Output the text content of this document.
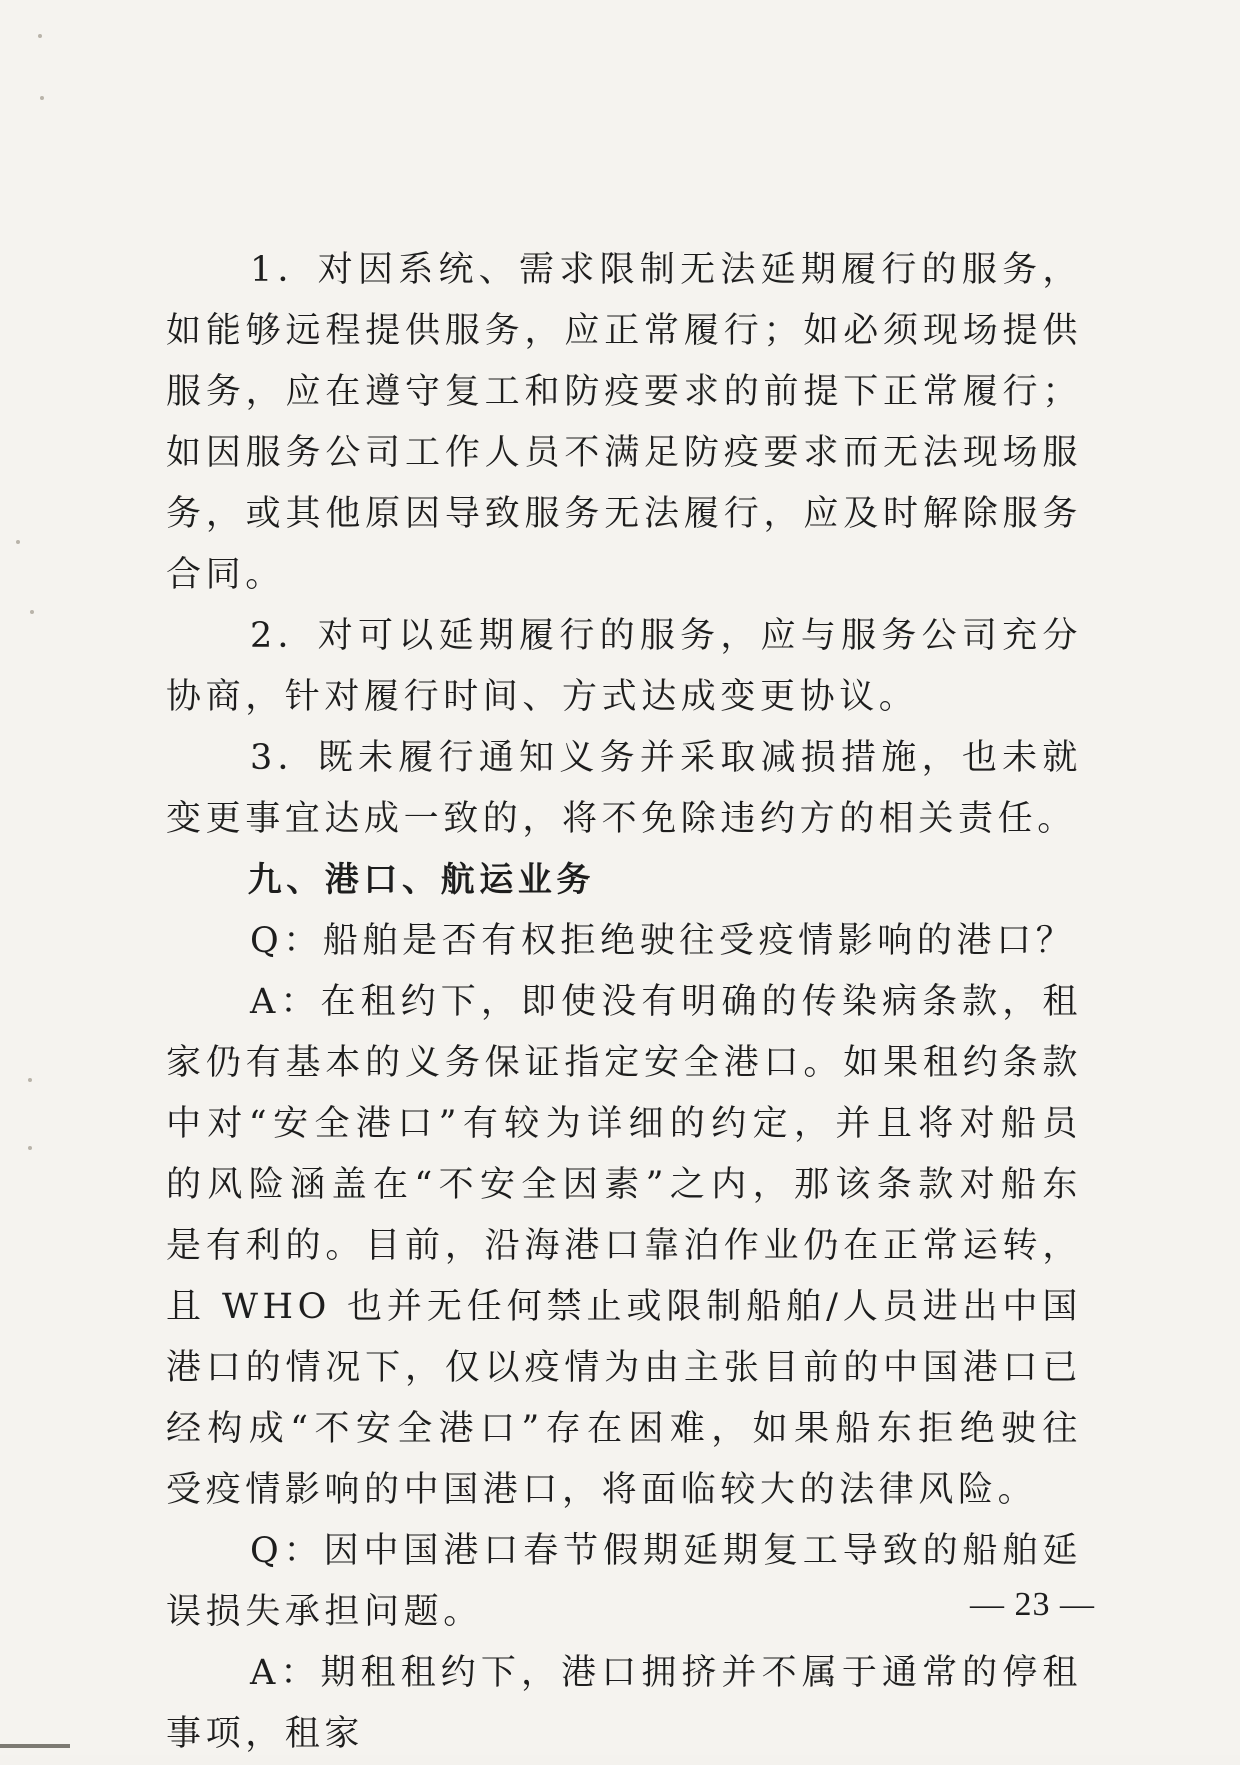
1．对因系统、需求限制无法延期履行的服务，如能够远程提供服务，应正常履行；如必须现场提供服务，应在遵守复工和防疫要求的前提下正常履行；如因服务公司工作人员不满足防疫要求而无法现场服务，或其他原因导致服务无法履行，应及时解除服务合同。

2．对可以延期履行的服务，应与服务公司充分协商，针对履行时间、方式达成变更协议。

3．既未履行通知义务并采取减损措施，也未就变更事宜达成一致的，将不免除违约方的相关责任。

九、港口、航运业务

Q：船舶是否有权拒绝驶往受疫情影响的港口？

A：在租约下，即使没有明确的传染病条款，租家仍有基本的义务保证指定安全港口。如果租约条款中对“安全港口”有较为详细的约定，并且将对船员的风险涵盖在“不安全因素”之内，那该条款对船东是有利的。目前，沿海港口靠泊作业仍在正常运转，且 WHO 也并无任何禁止或限制船舶/人员进出中国港口的情况下，仅以疫情为由主张目前的中国港口已经构成“不安全港口”存在困难，如果船东拒绝驶往受疫情影响的中国港口，将面临较大的法律风险。

Q：因中国港口春节假期延期复工导致的船舶延误损失承担问题。

A：期租租约下，港口拥挤并不属于通常的停租事项，租家

— 23 —
